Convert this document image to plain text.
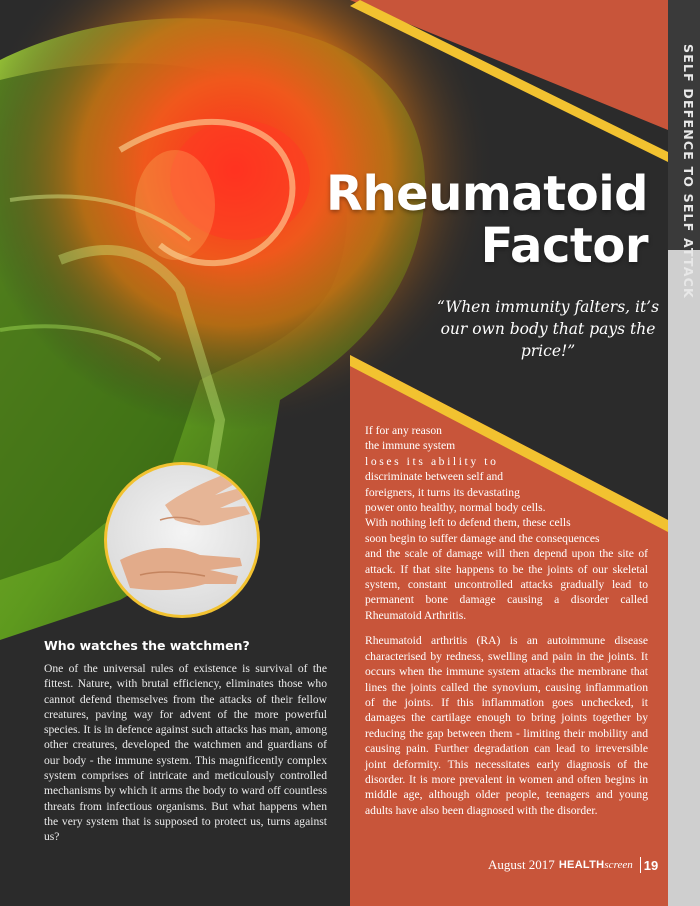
SELF DEFENCE TO SELF ATTACK
Rheumatoid
Factor
“When immunity falters, it’s our own body that pays the price!”

If for any reason
the immune system
loses its ability to
discriminate between self and
foreigners, it turns its devastating
power onto healthy, normal body cells.
With nothing left to defend them, these cells
soon begin to suffer damage and the consequences
and the scale of damage will then depend upon the site of attack. If that site happens to be the joints of our skeletal system, constant uncontrolled attacks gradually lead to permanent bone damage causing a disorder called Rheumatoid Arthritis.

Rheumatoid arthritis (RA) is an autoimmune disease characterised by redness, swelling and pain in the joints. It occurs when the immune system attacks the membrane that lines the joints called the synovium, causing inflammation of the joints. If this inflammation goes unchecked, it damages the cartilage enough to bring joints together by reducing the gap between them - limiting their mobility and causing pain. Further degradation can lead to irreversible joint deformity. This necessitates early diagnosis of the disorder. It is more prevalent in women and often begins in middle age, although older people, teenagers and young adults have also been diagnosed with the disorder.

Who watches the watchmen?

One of the universal rules of existence is survival of the fittest. Nature, with brutal efficiency, eliminates those who cannot defend themselves from the attacks of their fellow creatures, paving way for advent of the more powerful species. It is in defence against such attacks has man, among other creatures, developed the watchmen and guardians of our body - the immune system. This magnificently complex system comprises of intricate and meticulously controlled mechanisms by which it arms the body to ward off countless threats from infectious organisms. But what happens when the very system that is supposed to protect us, turns against us?

August 2017 HEALTH screen 19
